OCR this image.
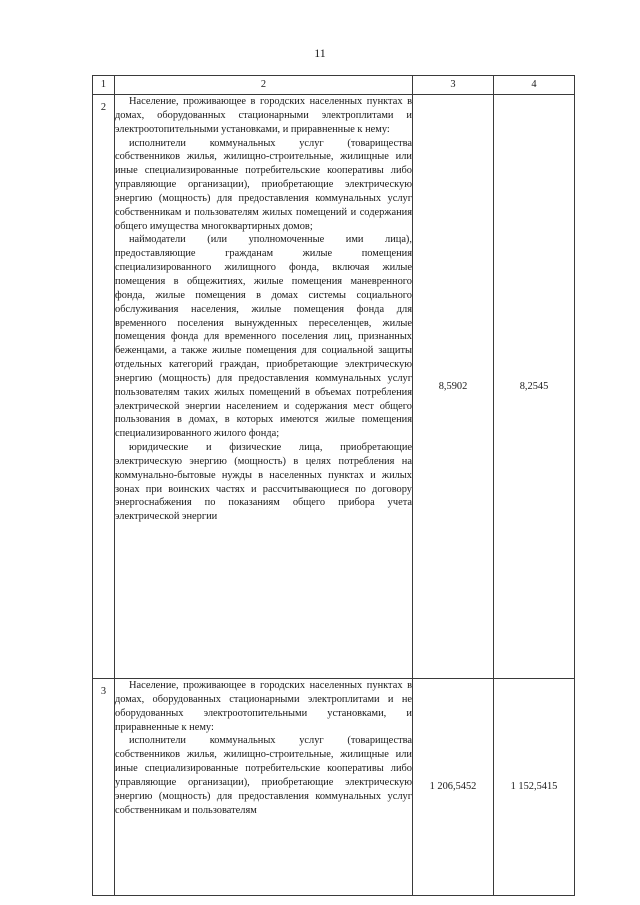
11
1	2	3	4
2	Население, проживающее в городских населенных пунктах в домах, оборудованных стационарными электроплитами и электроотопительными установками, и приравненные к нему:

исполнители коммунальных услуг (товарищества собственников жилья, жилищно-строительные, жилищные или иные специализированные потребительские кооперативы либо управляющие организации), приобретающие электрическую энергию (мощность) для предоставления коммунальных услуг собственникам и пользователям жилых помещений и содержания общего имущества многоквартирных домов;

наймодатели (или уполномоченные ими лица), предоставляющие гражданам жилые помещения специализированного жилищного фонда, включая жилые помещения в общежитиях, жилые помещения маневренного фонда, жилые помещения в домах системы социального обслуживания населения, жилые помещения фонда для временного поселения вынужденных переселенцев, жилые помещения фонда для временного поселения лиц, признанных беженцами, а также жилые помещения для социальной защиты отдельных категорий граждан, приобретающие электрическую энергию (мощность) для предоставления коммунальных услуг пользователям таких жилых помещений в объемах потребления электрической энергии населением и содержания мест общего пользования в домах, в которых имеются жилые помещения специализированного жилого фонда;

юридические и физические лица, приобретающие электрическую энергию (мощность) в целях потребления на коммунально-бытовые нужды в населенных пунктах и жилых зонах при воинских частях и рассчитывающиеся по договору энергоснабжения по показаниям общего прибора учета электрической энергии	8,5902	8,2545
3	Население, проживающее в городских населенных пунктах в домах, оборудованных стационарными электроплитами и не оборудованных электроотопительными установками, и приравненные к нему:

исполнители коммунальных услуг (товарищества собственников жилья, жилищно-строительные, жилищные или иные специализированные потребительские кооперативы либо управляющие организации), приобретающие электрическую энергию (мощность) для предоставления коммунальных услуг собственникам и пользователям	1 206,5452	1 152,5415
